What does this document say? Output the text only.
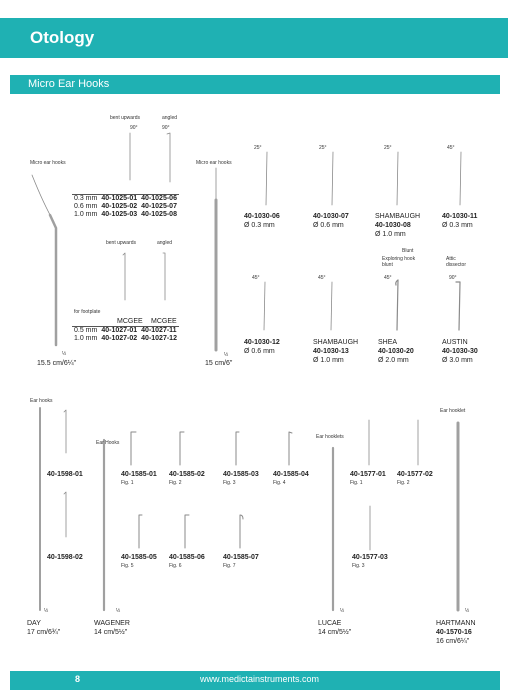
Otology
Micro Ear Hooks
Micro ear hooks
½
15.5 cm/6¼"
bent upwards	angled
90°	90°
0.3 mm	40-1025-01	40-1025-06
0.6 mm	40-1025-02	40-1025-07
1.0 mm	40-1025-03	40-1025-08
bent upwards	angled
for footplate
MCGEE MCGEE
0.5 mm	40-1027-01	40-1027-11
1.0 mm	40-1027-02	40-1027-12
Micro ear hooks
½
15 cm/6"
25°	25°	25°	45°
40-1030-06
Ø 0.3 mm
40-1030-07
Ø 0.6 mm
SHAMBAUGH
40-1030-08
Ø 1.0 mm
40-1030-11
Ø 0.3 mm
Blunt
Exploring hook blunt
Attic dissector
45°	45°	45°	90°
40-1030-12
Ø 0.6 mm
SHAMBAUGH
40-1030-13
Ø 1.0 mm
SHEA
40-1030-20
Ø 2.0 mm
AUSTIN
40-1030-30
Ø 3.0 mm
Ear hooks
40-1598-01
40-1598-02
½
DAY
17 cm/6¾"
Ear Hooks
40-1585-01
Fig. 1
40-1585-02
Fig. 2
40-1585-03
Fig. 3
40-1585-04
Fig. 4
40-1585-05
Fig. 5
40-1585-06
Fig. 6
40-1585-07
Fig. 7
½
WAGENER
14 cm/5½"
Ear hooklets
40-1577-01
Fig. 1
40-1577-02
Fig. 2
40-1577-03
Fig. 3
½
LUCAE
14 cm/5½"
Ear hooklet
½
HARTMANN
40-1570-16
16 cm/6¼"
8	www.medictainstruments.com
